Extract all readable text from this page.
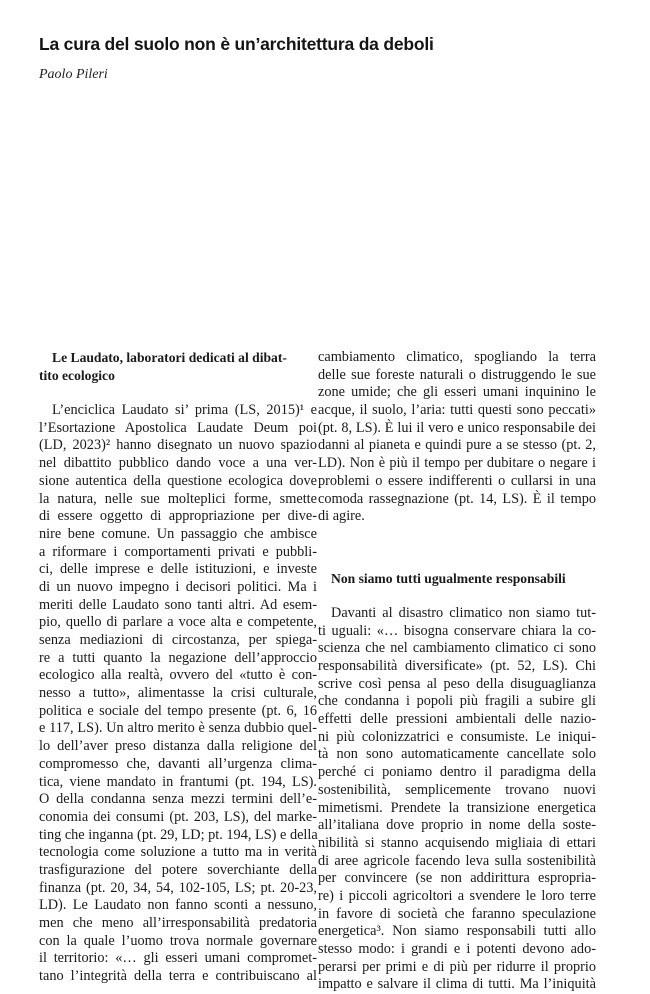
La cura del suolo non è un’architettura da deboli

Paolo Pileri

Le Laudato, laboratori dedicati al dibat-
tito ecologico
L’enciclica Laudato si’ prima (LS, 2015)¹ e
l’Esortazione Apostolica Laudate Deum poi
(LD, 2023)² hanno disegnato un nuovo spazio
nel dibattito pubblico dando voce a una ver-
sione autentica della questione ecologica dove
la natura, nelle sue molteplici forme, smette
di essere oggetto di appropriazione per dive-
nire bene comune. Un passaggio che ambisce
a riformare i comportamenti privati e pubbli-
ci, delle imprese e delle istituzioni, e investe
di un nuovo impegno i decisori politici. Ma i
meriti delle Laudato sono tanti altri. Ad esem-
pio, quello di parlare a voce alta e competente,
senza mediazioni di circostanza, per spiega-
re a tutti quanto la negazione dell’approccio
ecologico alla realtà, ovvero del «tutto è con-
nesso a tutto», alimentasse la crisi culturale,
politica e sociale del tempo presente (pt. 6, 16
e 117, LS). Un altro merito è senza dubbio quel-
lo dell’aver preso distanza dalla religione del
compromesso che, davanti all’urgenza clima-
tica, viene mandato in frantumi (pt. 194, LS).
O della condanna senza mezzi termini dell’e-
conomia dei consumi (pt. 203, LS), del marke-
ting che inganna (pt. 29, LD; pt. 194, LS) e della
tecnologia come soluzione a tutto ma in verità
trasfigurazione del potere soverchiante della
finanza (pt. 20, 34, 54, 102-105, LS; pt. 20-23,
LD). Le Laudato non fanno sconti a nessuno,
men che meno all’irresponsabilità predatoria
con la quale l’uomo trova normale governare
il territorio: «… gli esseri umani compromet-
tano l’integrità della terra e contribuiscano al
cambiamento climatico, spogliando la terra
delle sue foreste naturali o distruggendo le sue
zone umide; che gli esseri umani inquinino le
acque, il suolo, l’aria: tutti questi sono peccati»
(pt. 8, LS). È lui il vero e unico responsabile dei
danni al pianeta e quindi pure a se stesso (pt. 2,
LD). Non è più il tempo per dubitare o negare i
problemi o essere indifferenti o cullarsi in una
comoda rassegnazione (pt. 14, LS). È il tempo
di agire.
Non siamo tutti ugualmente responsabili
Davanti al disastro climatico non siamo tut-
ti uguali: «… bisogna conservare chiara la co-
scienza che nel cambiamento climatico ci sono
responsabilità diversificate» (pt. 52, LS). Chi
scrive così pensa al peso della disuguaglianza
che condanna i popoli più fragili a subire gli
effetti delle pressioni ambientali delle nazio-
ni più colonizzatrici e consumiste. Le iniqui-
tà non sono automaticamente cancellate solo
perché ci poniamo dentro il paradigma della
sostenibilità, semplicemente trovano nuovi
mimetismi. Prendete la transizione energetica
all’italiana dove proprio in nome della soste-
nibilità si stanno acquisendo migliaia di ettari
di aree agricole facendo leva sulla sostenibilità
per convincere (se non addirittura espropria-
re) i piccoli agricoltori a svendere le loro terre
in favore di società che faranno speculazione
energetica³. Non siamo responsabili tutti allo
stesso modo: i grandi e i potenti devono ado-
perarsi per primi e di più per ridurre il proprio
impatto e salvare il clima di tutti. Ma l’iniquità
